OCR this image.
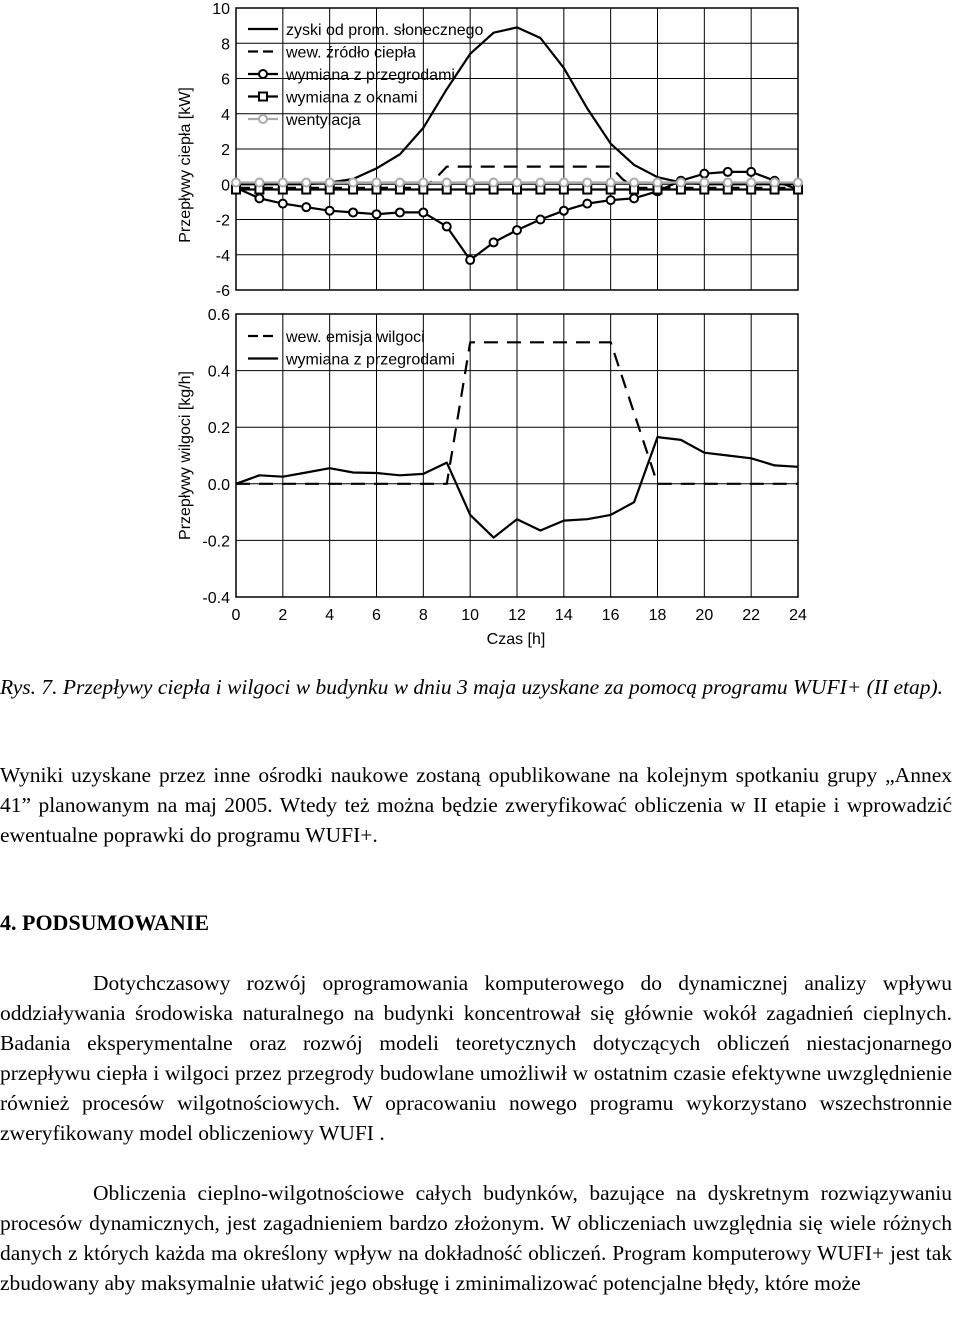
10
8
6
4
2
0
-2
-4
-6
Przepływy ciepła [kW]
zyski od prom. słonecznego
wew. źródło ciepła
wymiana z przegrodami
wymiana z oknami
wentylacja
0.6
0.4
0.2
0.0
-0.2
-0.4
0 2 4 6 8 10 12 14 16 18 20 22 24
Przepływy wilgoci [kg/h]
Czas [h]
wew. emisja wilgoci
wymiana z przegrodami
Rys. 7. Przepływy ciepła i wilgoci w budynku w dniu 3 maja uzyskane za pomocą programu WUFI+ (II etap).

Wyniki uzyskane przez inne ośrodki naukowe zostaną opublikowane na kolejnym spotkaniu grupy „Annex 41” planowanym na maj 2005. Wtedy też można będzie zweryfikować obliczenia w II etapie i wprowadzić ewentualne poprawki do programu WUFI+.

4. PODSUMOWANIE

Dotychczasowy rozwój oprogramowania komputerowego do dynamicznej analizy wpływu oddziaływania środowiska naturalnego na budynki koncentrował się głównie wokół zagadnień cieplnych. Badania eksperymentalne oraz rozwój modeli teoretycznych dotyczących obliczeń niestacjonarnego przepływu ciepła i wilgoci przez przegrody budowlane umożliwił w ostatnim czasie efektywne uwzględnienie również procesów wilgotnościowych. W opracowaniu nowego programu wykorzystano wszechstronnie zweryfikowany model obliczeniowy WUFI .

Obliczenia cieplno-wilgotnościowe całych budynków, bazujące na dyskretnym rozwiązywaniu procesów dynamicznych, jest zagadnieniem bardzo złożonym. W obliczeniach uwzględnia się wiele różnych danych z których każda ma określony wpływ na dokładność obliczeń. Program komputerowy WUFI+ jest tak zbudowany aby maksymalnie ułatwić jego obsługę i zminimalizować potencjalne błędy, które może
